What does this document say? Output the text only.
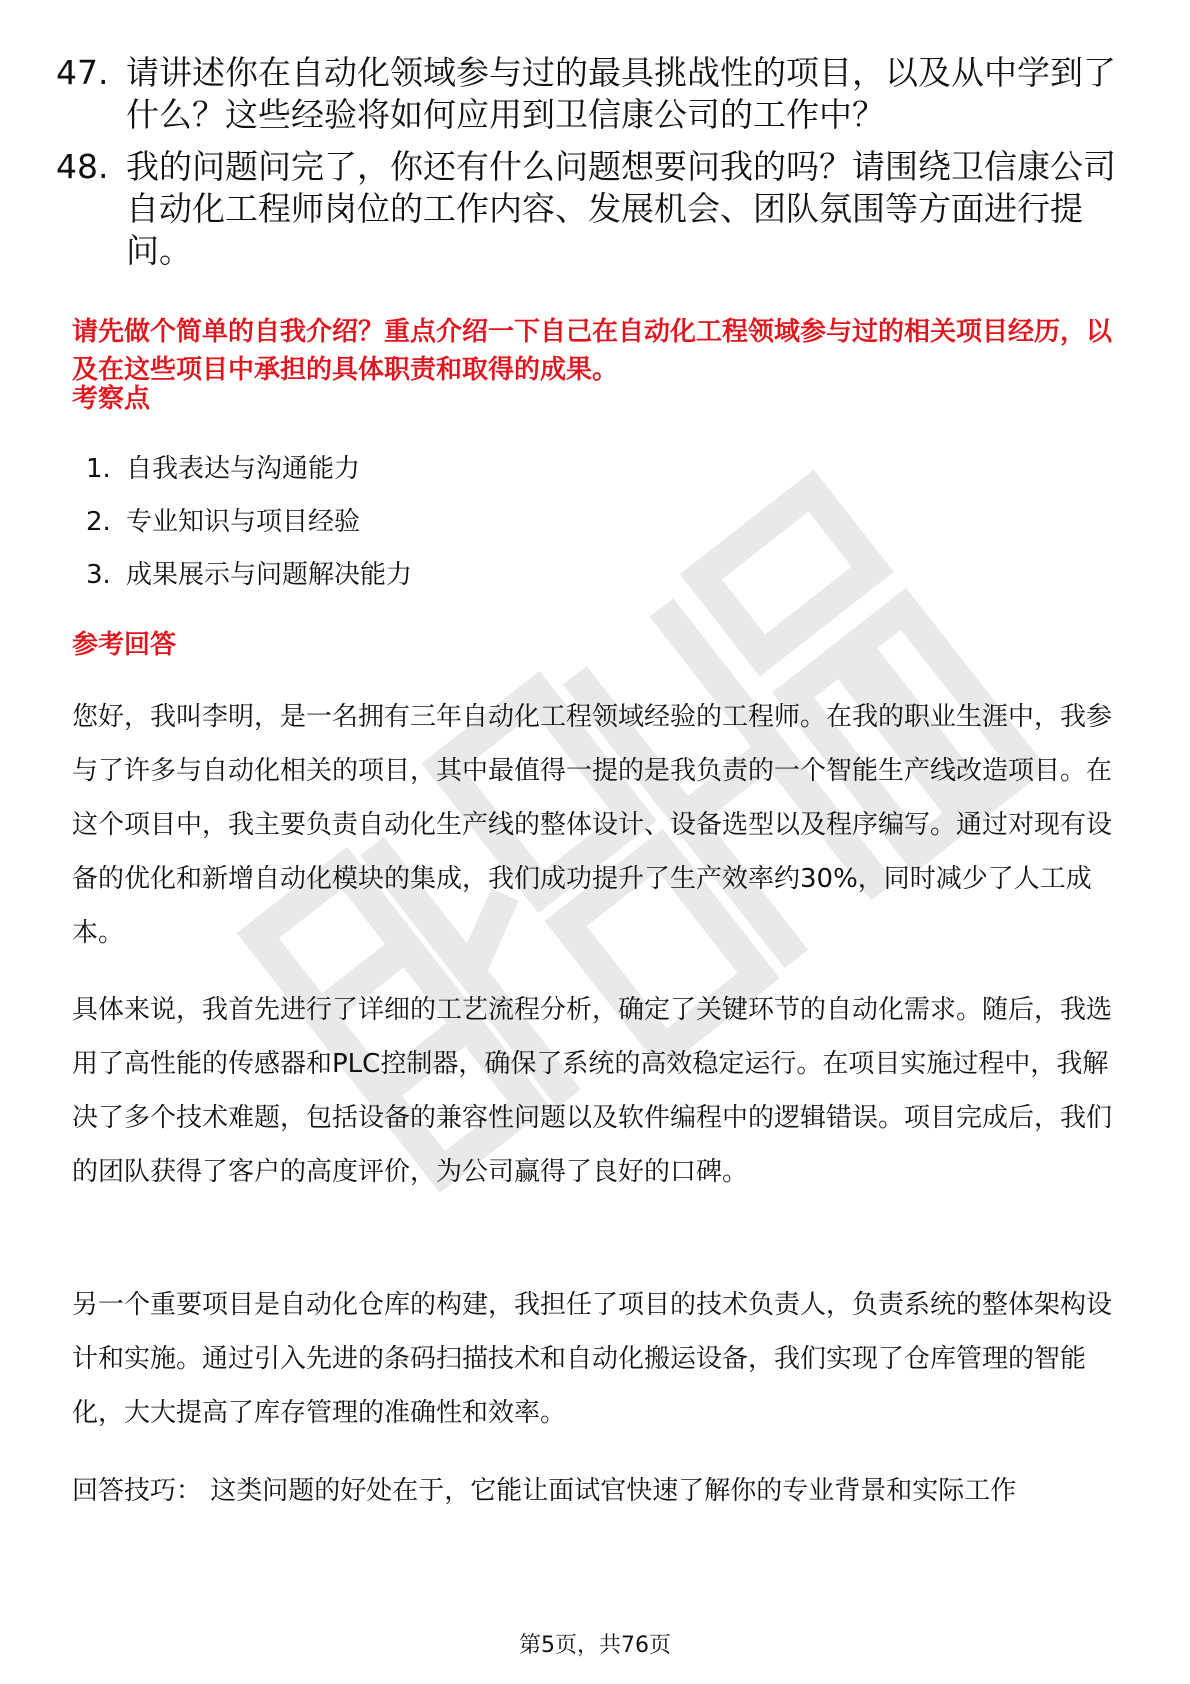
47. 请讲述你在自动化领域参与过的最具挑战性的项目，以及从中学到了什么？这些经验将如何应用到卫信康公司的工作中？
48. 我的问题问完了，你还有什么问题想要问我的吗？请围绕卫信康公司自动化工程师岗位的工作内容、发展机会、团队氛围等方面进行提问。
请先做个简单的自我介绍？重点介绍一下自己在自动化工程领域参与过的相关项目经历，以及在这些项目中承担的具体职责和取得的成果。
考察点
1. 自我表达与沟通能力
2. 专业知识与项目经验
3. 成果展示与问题解决能力
参考回答
您好，我叫李明，是一名拥有三年自动化工程领域经验的工程师。在我的职业生涯中，我参与了许多与自动化相关的项目，其中最值得一提的是我负责的一个智能生产线改造项目。在这个项目中，我主要负责自动化生产线的整体设计、设备选型以及程序编写。通过对现有设备的优化和新增自动化模块的集成，我们成功提升了生产效率约30%，同时减少了人工成本。
具体来说，我首先进行了详细的工艺流程分析，确定了关键环节的自动化需求。随后，我选用了高性能的传感器和PLC控制器，确保了系统的高效稳定运行。在项目实施过程中，我解决了多个技术难题，包括设备的兼容性问题以及软件编程中的逻辑错误。项目完成后，我们的团队获得了客户的高度评价，为公司赢得了良好的口碑。
另一个重要项目是自动化仓库的构建，我担任了项目的技术负责人，负责系统的整体架构设计和实施。通过引入先进的条码扫描技术和自动化搬运设备，我们实现了仓库管理的智能化，大大提高了库存管理的准确性和效率。
回答技巧： 这类问题的好处在于，它能让面试官快速了解你的专业背景和实际工作
第5页，共76页
